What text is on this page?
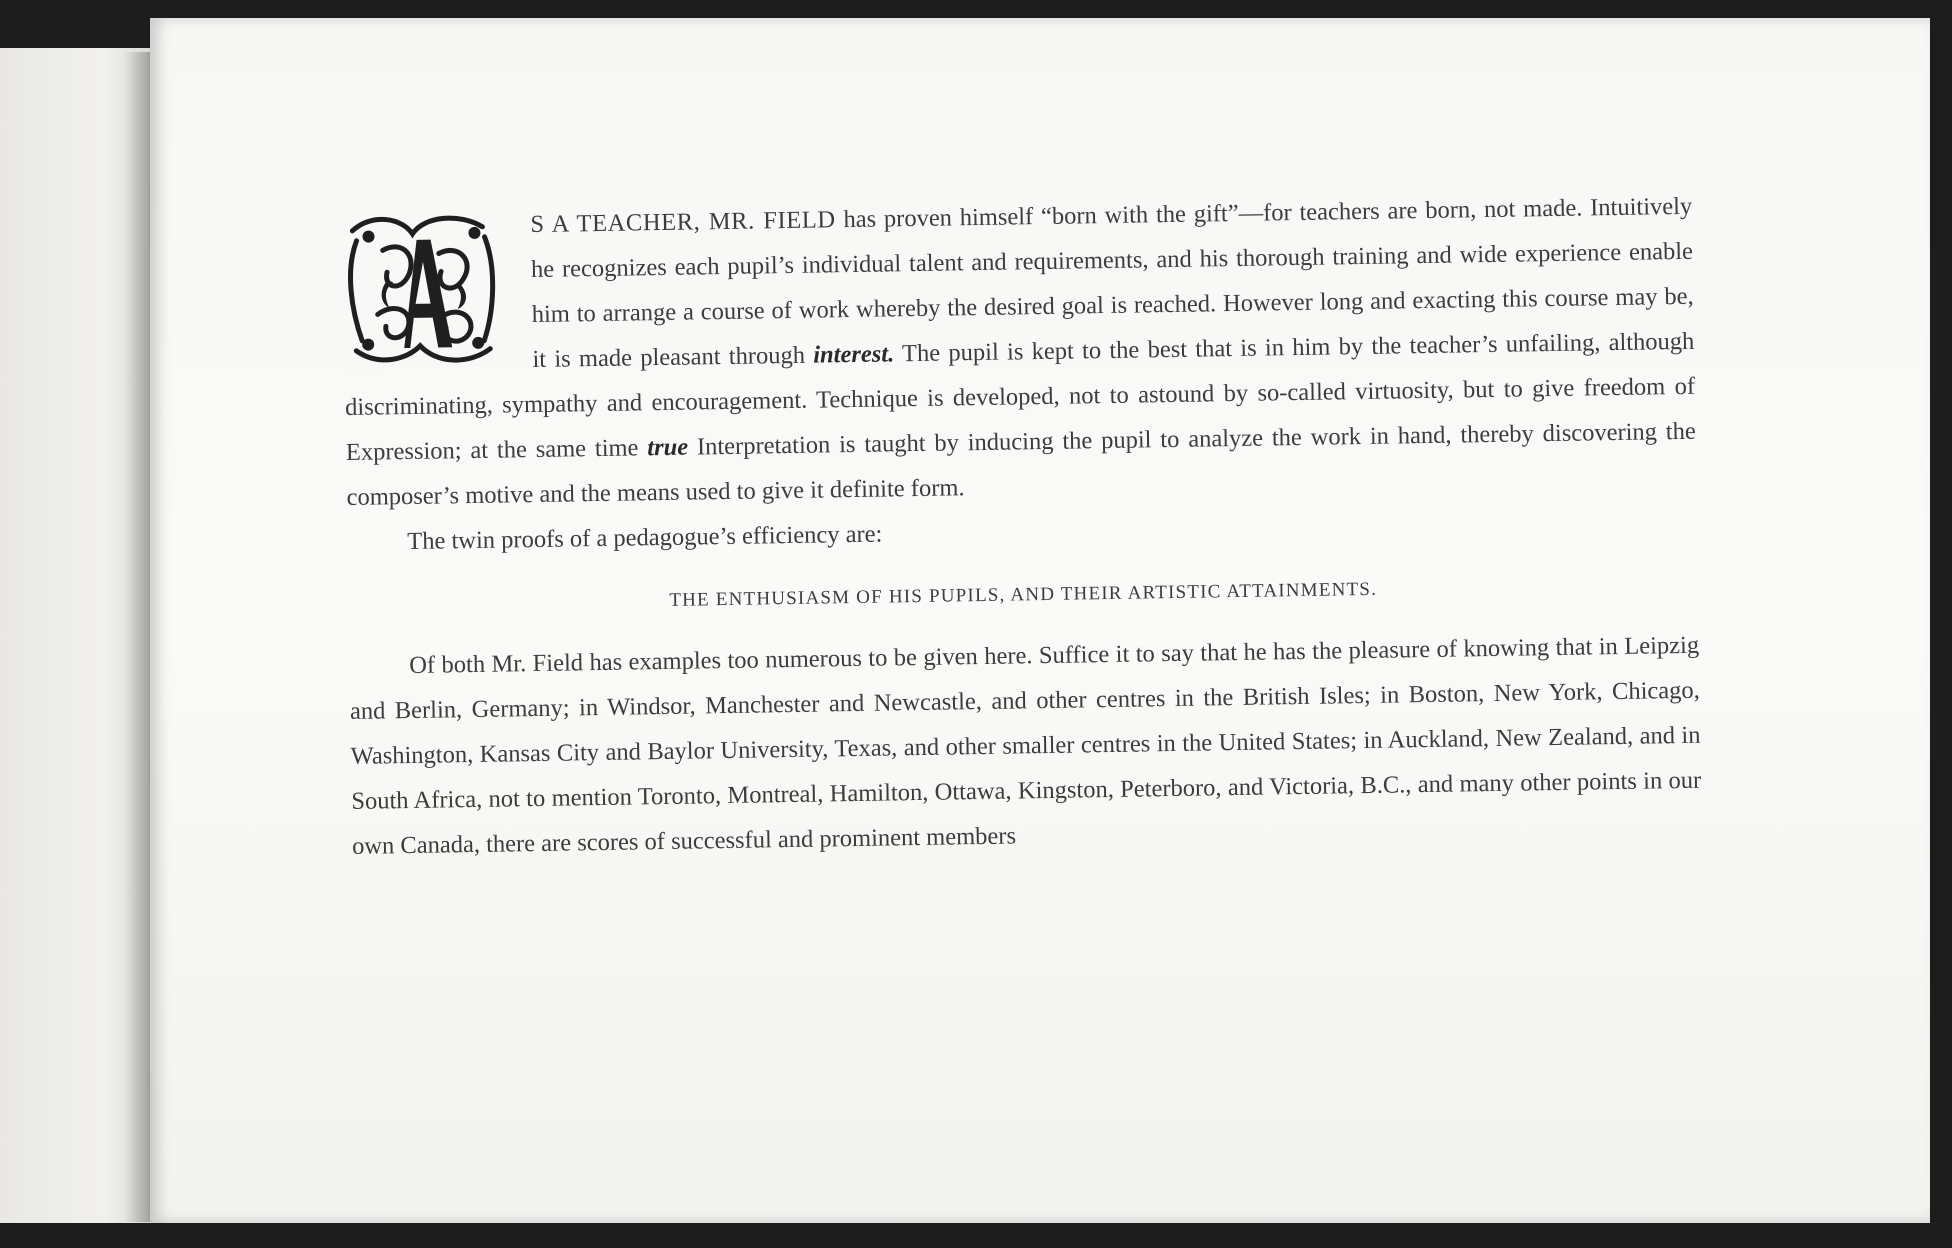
A	S A TEACHER, MR. FIELD has proven himself “born with the gift”—for teachers are born, not made. Intuitively he recognizes each pupil’s individual talent and requirements, and his thorough training and wide experience enable him to arrange a course of work whereby the desired goal is reached. However long and exacting this course may be, it is made pleasant through interest. The pupil is kept to the best that is in him by the teacher’s unfailing, although discriminating, sympathy and encouragement. Technique is developed, not to astound by so-called virtuosity, but to give freedom of Expression; at the same time true Interpretation is taught by inducing the pupil to analyze the work in hand, thereby discovering the composer’s motive and the means used to give it definite form.

The twin proofs of a pedagogue’s efficiency are:

THE ENTHUSIASM OF HIS PUPILS, AND THEIR ARTISTIC ATTAINMENTS.

Of both Mr. Field has examples too numerous to be given here. Suffice it to say that he has the pleasure of knowing that in Leipzig and Berlin, Germany; in Windsor, Manchester and Newcastle, and other centres in the British Isles; in Boston, New York, Chicago, Washington, Kansas City and Baylor University, Texas, and other smaller centres in the United States; in Auckland, New Zealand, and in South Africa, not to mention Toronto, Montreal, Hamilton, Ottawa, Kingston, Peterboro, and Victoria, B.C., and many other points in our own Canada, there are scores of successful and prominent members
